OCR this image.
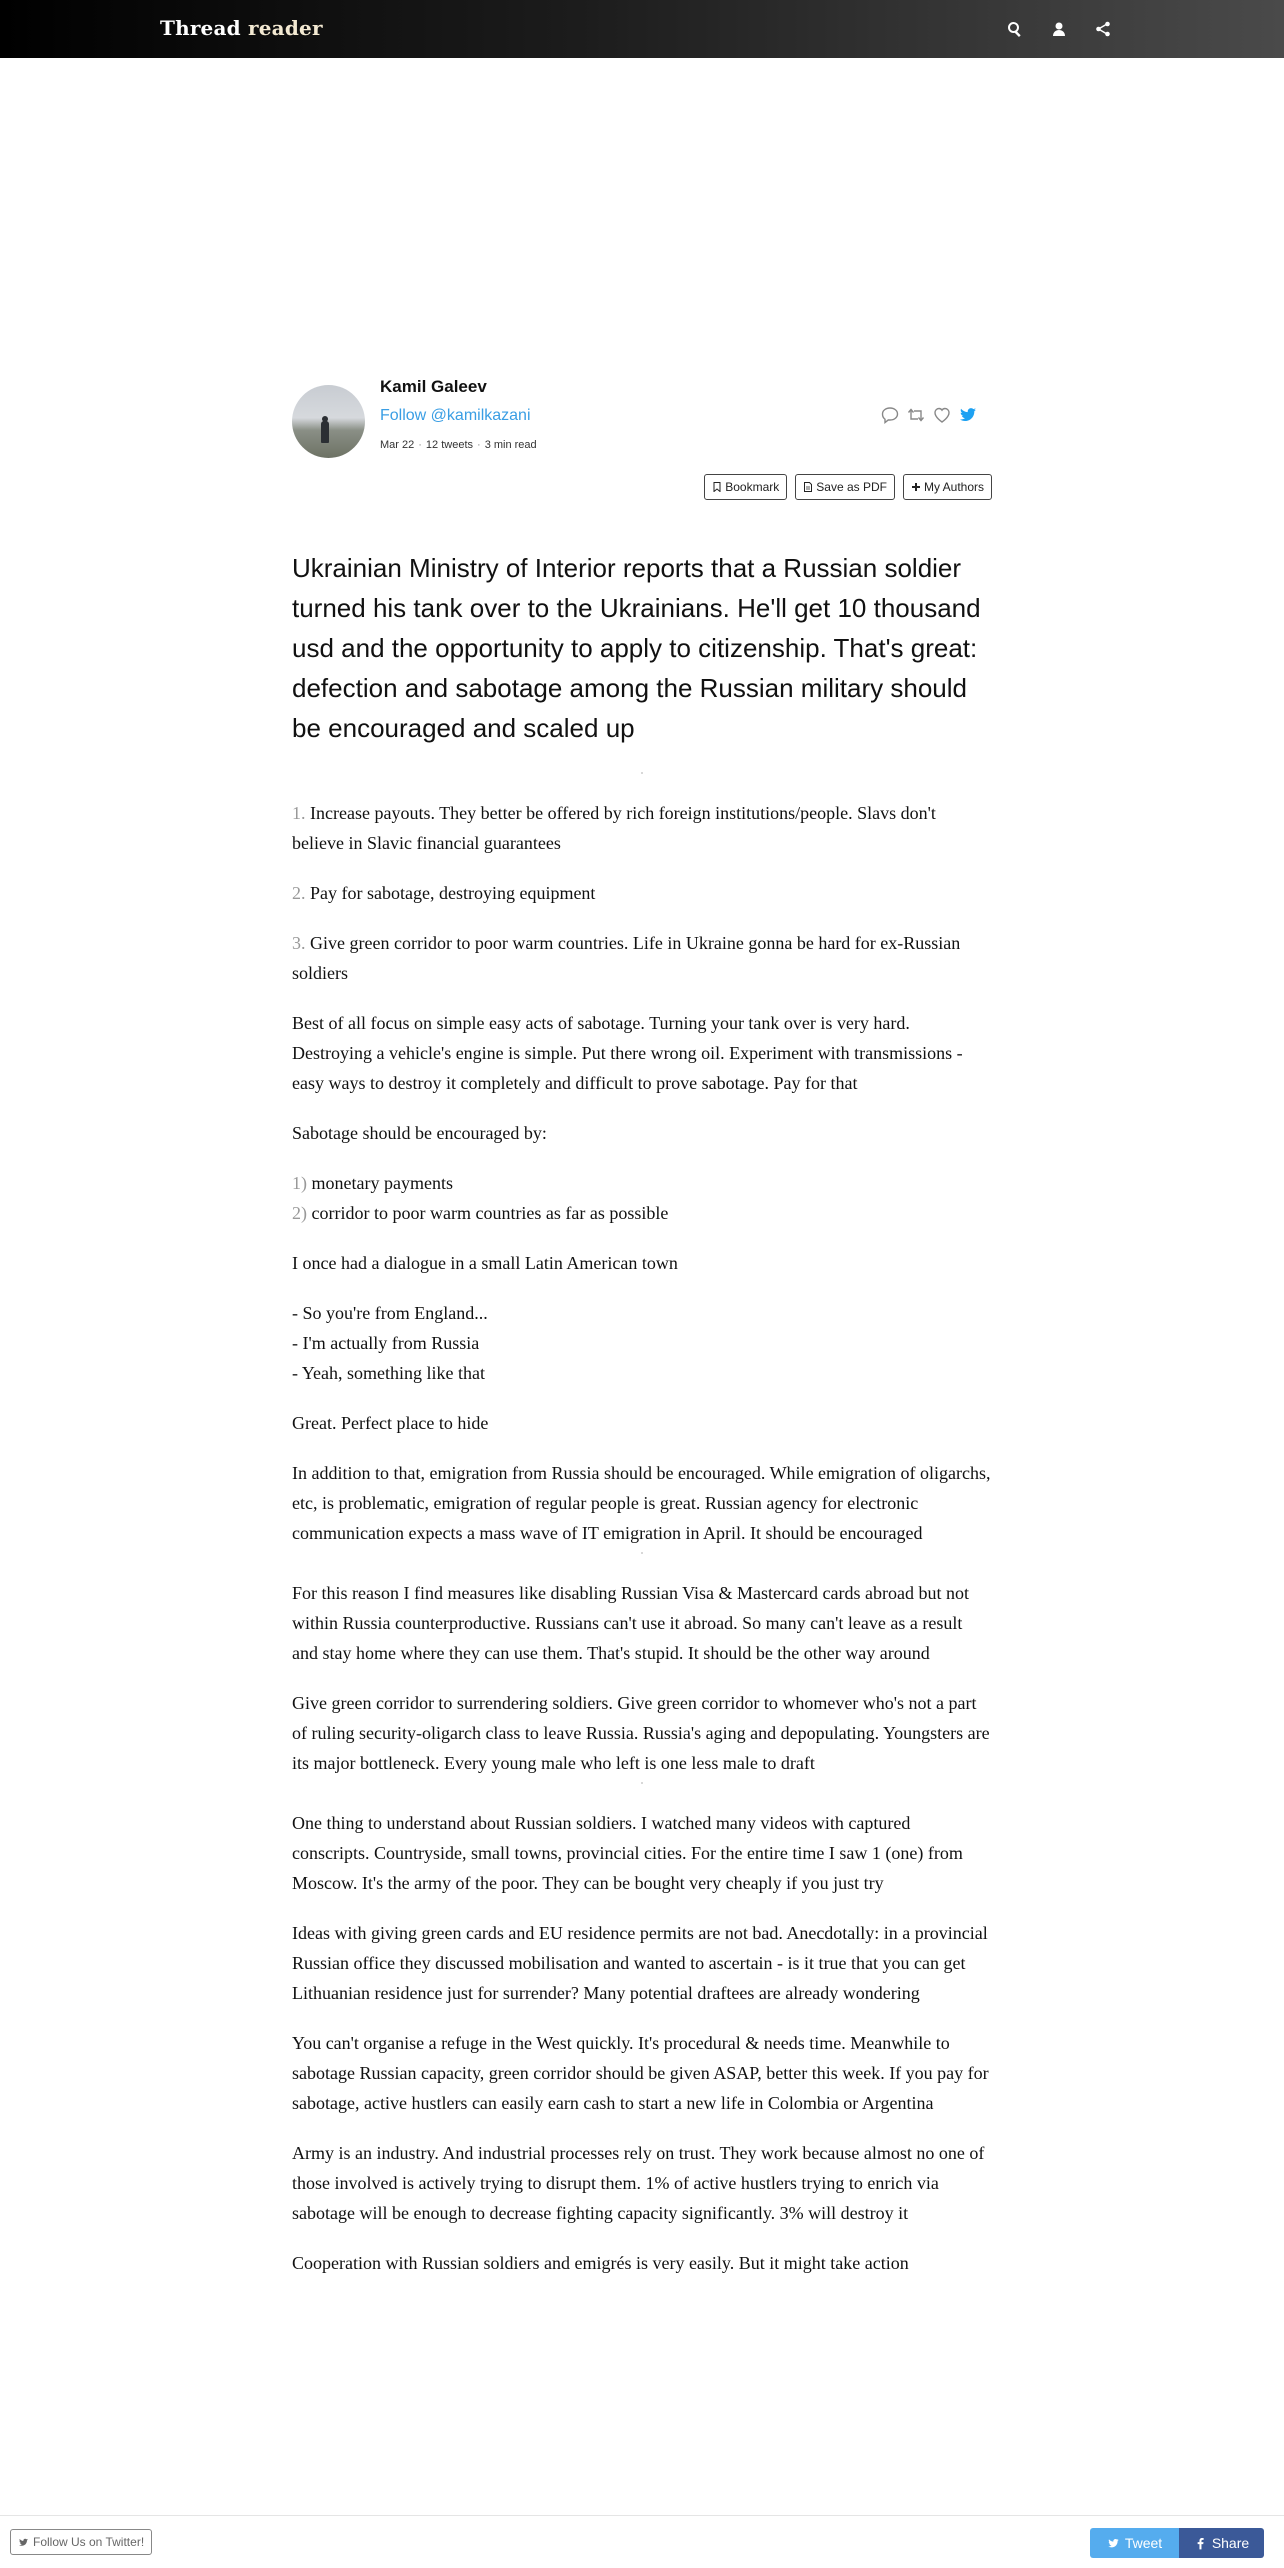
Thread reader
Kamil Galeev
Follow @kamilkazani
Mar 22 · 12 tweets · 3 min read
Bookmark	Save as PDF	My Authors
Ukrainian Ministry of Interior reports that a Russian soldier turned his tank over to the Ukrainians. He'll get 10 thousand usd and the opportunity to apply to citizenship. That's great: defection and sabotage among the Russian military should be encouraged and scaled up
1. Increase payouts. They better be offered by rich foreign institutions/people. Slavs don't believe in Slavic financial guarantees
2. Pay for sabotage, destroying equipment
3. Give green corridor to poor warm countries. Life in Ukraine gonna be hard for ex-Russian soldiers
Best of all focus on simple easy acts of sabotage. Turning your tank over is very hard. Destroying a vehicle's engine is simple. Put there wrong oil. Experiment with transmissions - easy ways to destroy it completely and difficult to prove sabotage. Pay for that
Sabotage should be encouraged by:
1) monetary payments
2) corridor to poor warm countries as far as possible
I once had a dialogue in a small Latin American town
- So you're from England...
- I'm actually from Russia
- Yeah, something like that
Great. Perfect place to hide
In addition to that, emigration from Russia should be encouraged. While emigration of oligarchs, etc, is problematic, emigration of regular people is great. Russian agency for electronic communication expects a mass wave of IT emigration in April. It should be encouraged
For this reason I find measures like disabling Russian Visa & Mastercard cards abroad but not within Russia counterproductive. Russians can't use it abroad. So many can't leave as a result and stay home where they can use them. That's stupid. It should be the other way around
Give green corridor to surrendering soldiers. Give green corridor to whomever who's not a part of ruling security-oligarch class to leave Russia. Russia's aging and depopulating. Youngsters are its major bottleneck. Every young male who left is one less male to draft
One thing to understand about Russian soldiers. I watched many videos with captured conscripts. Countryside, small towns, provincial cities. For the entire time I saw 1 (one) from Moscow. It's the army of the poor. They can be bought very cheaply if you just try
Ideas with giving green cards and EU residence permits are not bad. Anecdotally: in a provincial Russian office they discussed mobilisation and wanted to ascertain - is it true that you can get Lithuanian residence just for surrender? Many potential draftees are already wondering
You can't organise a refuge in the West quickly. It's procedural & needs time. Meanwhile to sabotage Russian capacity, green corridor should be given ASAP, better this week. If you pay for sabotage, active hustlers can easily earn cash to start a new life in Colombia or Argentina
Army is an industry. And industrial processes rely on trust. They work because almost no one of those involved is actively trying to disrupt them. 1% of active hustlers trying to enrich via sabotage will be enough to decrease fighting capacity significantly. 3% will destroy it
Cooperation with Russian soldiers and emigrés is very easily. But it might take action
Follow Us on Twitter!	Tweet	Share
